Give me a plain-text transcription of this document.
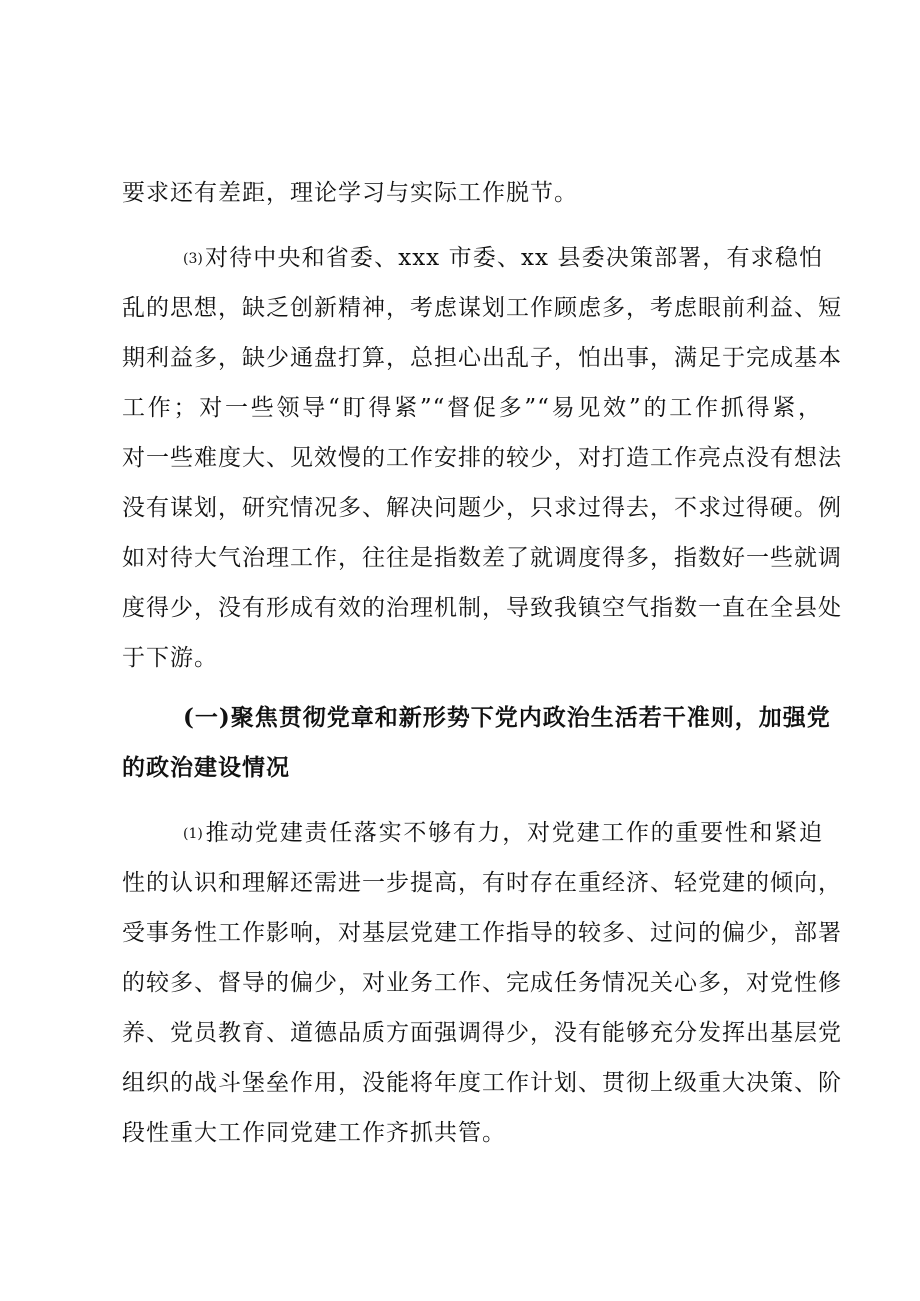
要求还有差距，理论学习与实际工作脱节。
(3)对待中央和省委、xxx 市委、xx 县委决策部署，有求稳怕
乱的思想，缺乏创新精神，考虑谋划工作顾虑多，考虑眼前利益、短
期利益多，缺少通盘打算，总担心出乱子，怕出事，满足于完成基本
工作；对一些领导“盯得紧”“督促多”“易见效”的工作抓得紧，
对一些难度大、见效慢的工作安排的较少，对打造工作亮点没有想法
没有谋划，研究情况多、解决问题少，只求过得去，不求过得硬。例
如对待大气治理工作，往往是指数差了就调度得多，指数好一些就调
度得少，没有形成有效的治理机制，导致我镇空气指数一直在全县处
于下游。
(一)聚焦贯彻党章和新形势下党内政治生活若干准则，加强党
的政治建设情况
(1)推动党建责任落实不够有力，对党建工作的重要性和紧迫
性的认识和理解还需进一步提高，有时存在重经济、轻党建的倾向，
受事务性工作影响，对基层党建工作指导的较多、过问的偏少，部署
的较多、督导的偏少，对业务工作、完成任务情况关心多，对党性修
养、党员教育、道德品质方面强调得少，没有能够充分发挥出基层党
组织的战斗堡垒作用，没能将年度工作计划、贯彻上级重大决策、阶
段性重大工作同党建工作齐抓共管。
